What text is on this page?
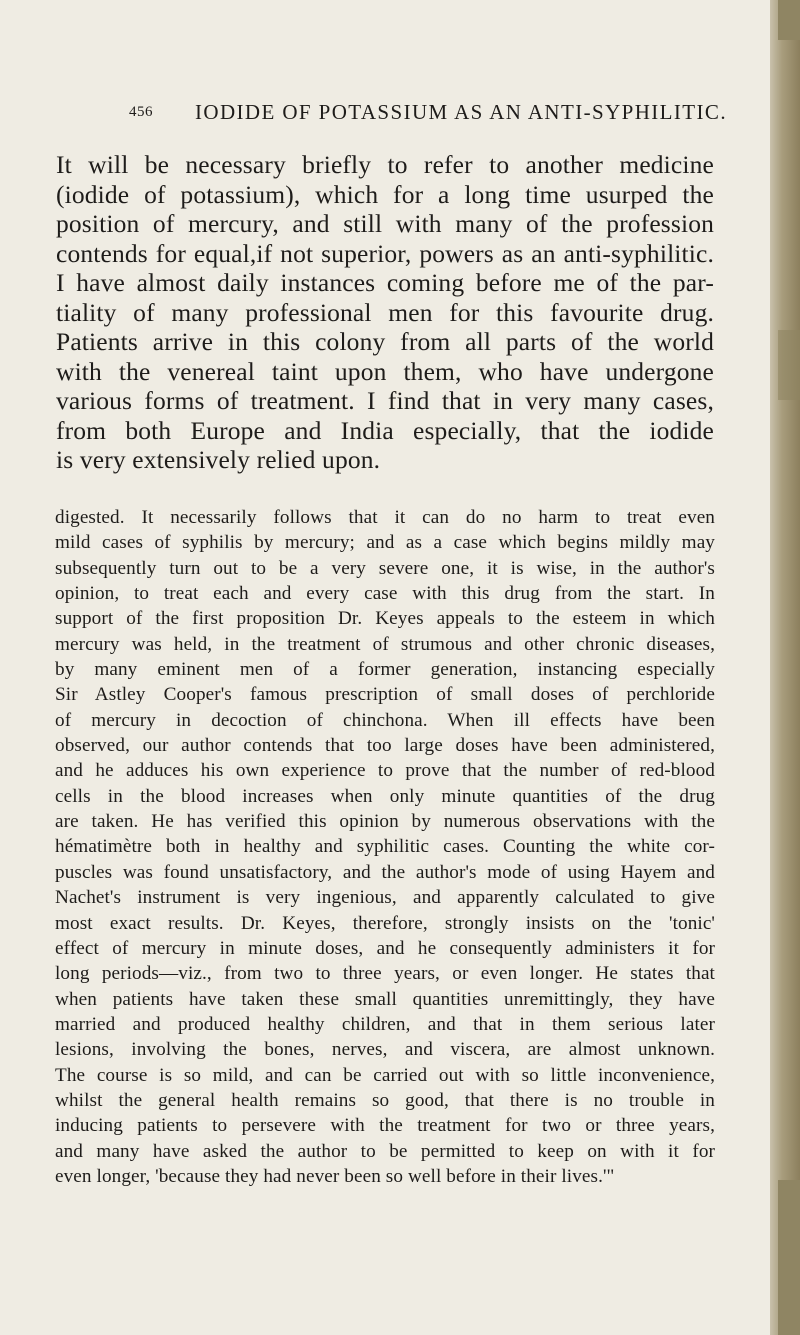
456 IODIDE OF POTASSIUM AS AN ANTI-SYPHILITIC.
It will be necessary briefly to refer to another medicine
(iodide of potassium), which for a long time usurped the
position of mercury, and still with many of the profession
contends for equal,if not superior, powers as an anti-syphilitic.
I have almost daily instances coming before me of the par-
tiality of many professional men for this favourite drug.
Patients arrive in this colony from all parts of the world
with the venereal taint upon them, who have undergone
various forms of treatment. I find that in very many cases,
from both Europe and India especially, that the iodide
is very extensively relied upon.
digested. It necessarily follows that it can do no harm to treat even
mild cases of syphilis by mercury; and as a case which begins mildly may
subsequently turn out to be a very severe one, it is wise, in the author's
opinion, to treat each and every case with this drug from the start. In
support of the first proposition Dr. Keyes appeals to the esteem in which
mercury was held, in the treatment of strumous and other chronic diseases,
by many eminent men of a former generation, instancing especially
Sir Astley Cooper's famous prescription of small doses of perchloride
of mercury in decoction of chinchona. When ill effects have been
observed, our author contends that too large doses have been administered,
and he adduces his own experience to prove that the number of red-blood
cells in the blood increases when only minute quantities of the drug
are taken. He has verified this opinion by numerous observations with the
hématimètre both in healthy and syphilitic cases. Counting the white cor-
puscles was found unsatisfactory, and the author's mode of using Hayem and
Nachet's instrument is very ingenious, and apparently calculated to give
most exact results. Dr. Keyes, therefore, strongly insists on the 'tonic'
effect of mercury in minute doses, and he consequently administers it for
long periods—viz., from two to three years, or even longer. He states that
when patients have taken these small quantities unremittingly, they have
married and produced healthy children, and that in them serious later
lesions, involving the bones, nerves, and viscera, are almost unknown.
The course is so mild, and can be carried out with so little inconvenience,
whilst the general health remains so good, that there is no trouble in
inducing patients to persevere with the treatment for two or three years,
and many have asked the author to be permitted to keep on with it for
even longer, 'because they had never been so well before in their lives.'"
